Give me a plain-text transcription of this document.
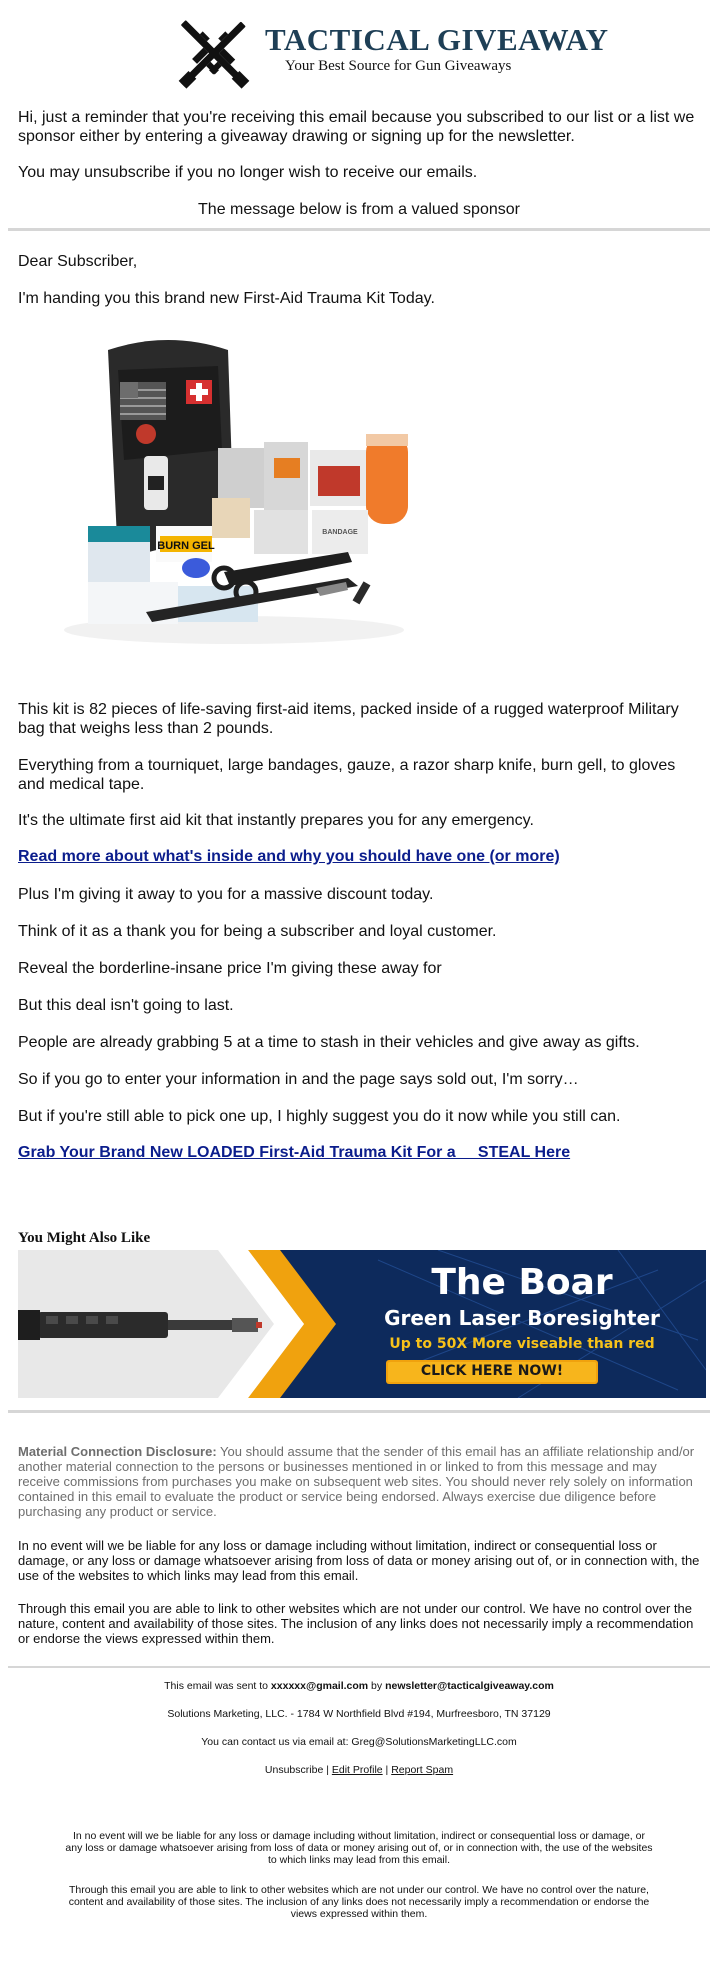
TACTICAL GIVEAWAY
Your Best Source for Gun Giveaways

Hi, just a reminder that you're receiving this email because you subscribed to our list or a list we sponsor either by entering a giveaway drawing or signing up for the newsletter.

You may unsubscribe if you no longer wish to receive our emails.

The message below is from a valued sponsor

Dear Subscriber,

I'm handing you this brand new First-Aid Trauma Kit Today.

BURN GEL
BANDAGE

This kit is 82 pieces of life-saving first-aid items, packed inside of a rugged waterproof Military bag that weighs less than 2 pounds.

Everything from a tourniquet, large bandages, gauze, a razor sharp knife, burn gell, to gloves and medical tape.

It's the ultimate first aid kit that instantly prepares you for any emergency.

Read more about what's inside and why you should have one (or more)

Plus I'm giving it away to you for a massive discount today.

Think of it as a thank you for being a subscriber and loyal customer.

Reveal the borderline-insane price I'm giving these away for

But this deal isn't going to last.

People are already grabbing 5 at a time to stash in their vehicles and give away as gifts.

So if you go to enter your information in and the page says sold out, I'm sorry…

But if you're still able to pick one up, I highly suggest you do it now while you still can.

Grab Your Brand New LOADED First-Aid Trauma Kit For a     STEAL Here
You Might Also Like
The Boar
Green Laser Boresighter
Up to 50X More viseable than red
CLICK HERE NOW!

Material Connection Disclosure: You should assume that the sender of this email has an affiliate relationship and/or another material connection to the persons or businesses mentioned in or linked to from this message and may receive commissions from purchases you make on subsequent web sites. You should never rely solely on information contained in this email to evaluate the product or service being endorsed. Always exercise due diligence before purchasing any product or service.

In no event will we be liable for any loss or damage including without limitation, indirect or consequential loss or damage, or any loss or damage whatsoever arising from loss of data or money arising out of, or in connection with, the use of the websites to which links may lead from this email.

Through this email you are able to link to other websites which are not under our control. We have no control over the nature, content and availability of those sites. The inclusion of any links does not necessarily imply a recommendation or endorse the views expressed within them.

This email was sent to xxxxxx@gmail.com by newsletter@tacticalgiveaway.com
Solutions Marketing, LLC. - 1784 W Northfield Blvd #194, Murfreesboro, TN 37129
You can contact us via email at: Greg@SolutionsMarketingLLC.com
Unsubscribe | Edit Profile | Report Spam
In no event will we be liable for any loss or damage including without limitation, indirect or consequential loss or damage, or any loss or damage whatsoever arising from loss of data or money arising out of, or in connection with, the use of the websites to which links may lead from this email.
Through this email you are able to link to other websites which are not under our control. We have no control over the nature, content and availability of those sites. The inclusion of any links does not necessarily imply a recommendation or endorse the views expressed within them.
